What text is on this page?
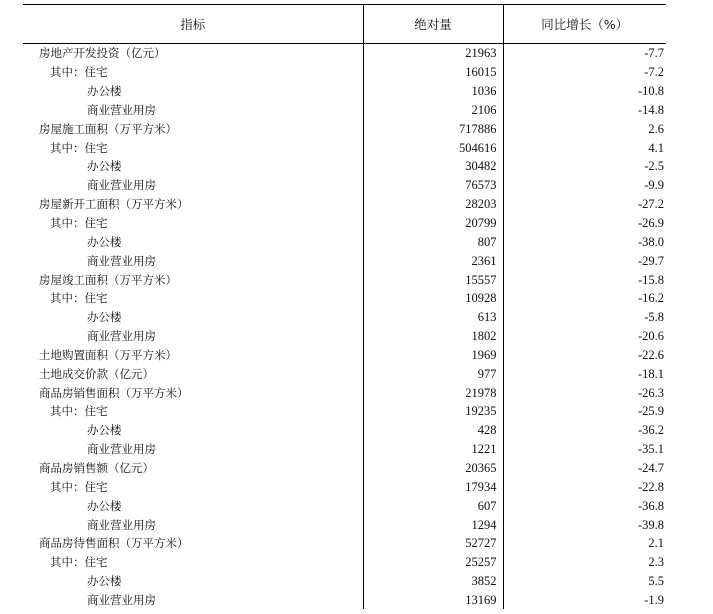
指标	绝对量	同比增长（%）
房地产开发投资（亿元）	21963	-7.7
其中：住宅	16015	-7.2
办公楼	1036	-10.8
商业营业用房	2106	-14.8
房屋施工面积（万平方米）	717886	2.6
其中：住宅	504616	4.1
办公楼	30482	-2.5
商业营业用房	76573	-9.9
房屋新开工面积（万平方米）	28203	-27.2
其中：住宅	20799	-26.9
办公楼	807	-38.0
商业营业用房	2361	-29.7
房屋竣工面积（万平方米）	15557	-15.8
其中：住宅	10928	-16.2
办公楼	613	-5.8
商业营业用房	1802	-20.6
土地购置面积（万平方米）	1969	-22.6
土地成交价款（亿元）	977	-18.1
商品房销售面积（万平方米）	21978	-26.3
其中：住宅	19235	-25.9
办公楼	428	-36.2
商业营业用房	1221	-35.1
商品房销售额（亿元）	20365	-24.7
其中：住宅	17934	-22.8
办公楼	607	-36.8
商业营业用房	1294	-39.8
商品房待售面积（万平方米）	52727	2.1
其中：住宅	25257	2.3
办公楼	3852	5.5
商业营业用房	13169	-1.9
